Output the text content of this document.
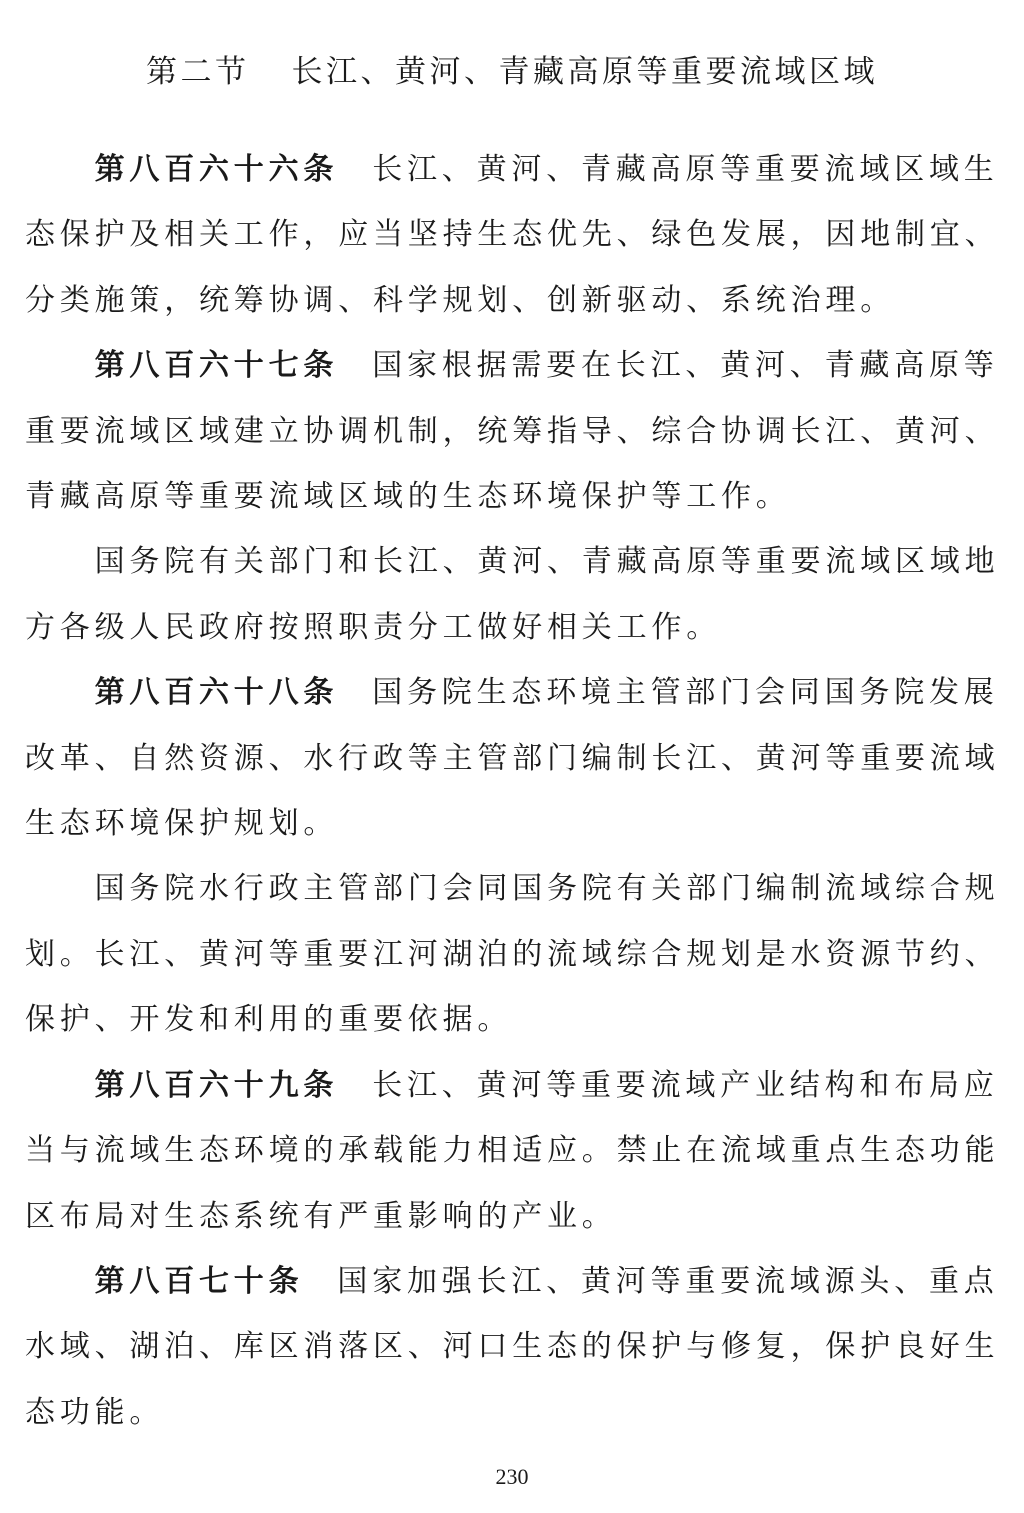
第二节 长江、黄河、青藏高原等重要流域区域

第八百六十六条 长江、黄河、青藏高原等重要流域区域生态保护及相关工作，应当坚持生态优先、绿色发展，因地制宜、分类施策，统筹协调、科学规划、创新驱动、系统治理。

第八百六十七条 国家根据需要在长江、黄河、青藏高原等重要流域区域建立协调机制，统筹指导、综合协调长江、黄河、青藏高原等重要流域区域的生态环境保护等工作。

国务院有关部门和长江、黄河、青藏高原等重要流域区域地方各级人民政府按照职责分工做好相关工作。

第八百六十八条 国务院生态环境主管部门会同国务院发展改革、自然资源、水行政等主管部门编制长江、黄河等重要流域生态环境保护规划。

国务院水行政主管部门会同国务院有关部门编制流域综合规划。长江、黄河等重要江河湖泊的流域综合规划是水资源节约、保护、开发和利用的重要依据。

第八百六十九条 长江、黄河等重要流域产业结构和布局应当与流域生态环境的承载能力相适应。禁止在流域重点生态功能区布局对生态系统有严重影响的产业。

第八百七十条 国家加强长江、黄河等重要流域源头、重点水域、湖泊、库区消落区、河口生态的保护与修复，保护良好生态功能。

230
